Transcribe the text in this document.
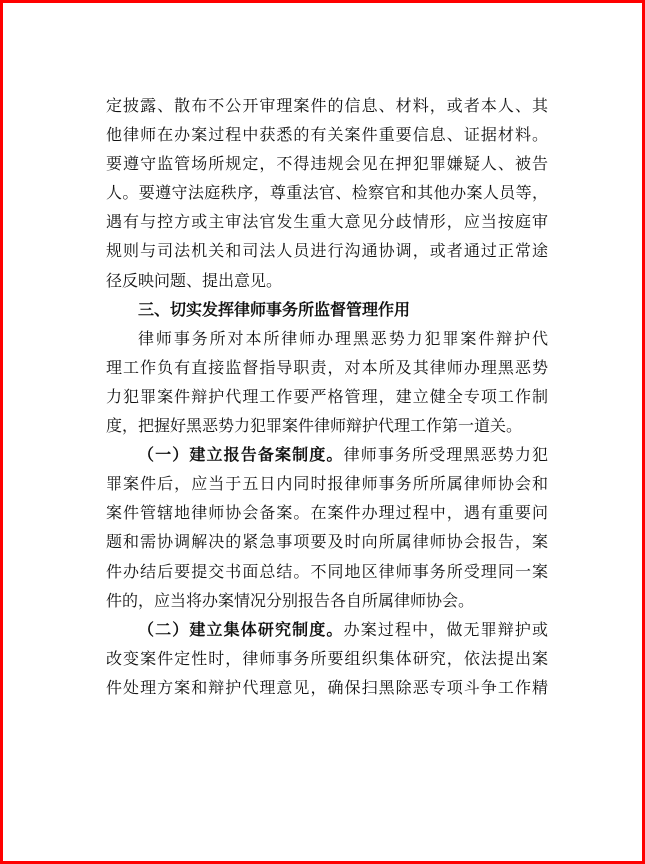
定披露、散布不公开审理案件的信息、材料，或者本人、其
他律师在办案过程中获悉的有关案件重要信息、证据材料。
要遵守监管场所规定，不得违规会见在押犯罪嫌疑人、被告
人。要遵守法庭秩序，尊重法官、检察官和其他办案人员等，
遇有与控方或主审法官发生重大意见分歧情形，应当按庭审
规则与司法机关和司法人员进行沟通协调，或者通过正常途
径反映问题、提出意见。
三、切实发挥律师事务所监督管理作用
律师事务所对本所律师办理黑恶势力犯罪案件辩护代
理工作负有直接监督指导职责，对本所及其律师办理黑恶势
力犯罪案件辩护代理工作要严格管理，建立健全专项工作制
度，把握好黑恶势力犯罪案件律师辩护代理工作第一道关。
（一）建立报告备案制度。律师事务所受理黑恶势力犯
罪案件后，应当于五日内同时报律师事务所所属律师协会和
案件管辖地律师协会备案。在案件办理过程中，遇有重要问
题和需协调解决的紧急事项要及时向所属律师协会报告，案
件办结后要提交书面总结。不同地区律师事务所受理同一案
件的，应当将办案情况分别报告各自所属律师协会。
（二）建立集体研究制度。办案过程中，做无罪辩护或
改变案件定性时，律师事务所要组织集体研究，依法提出案
件处理方案和辩护代理意见，确保扫黑除恶专项斗争工作精
